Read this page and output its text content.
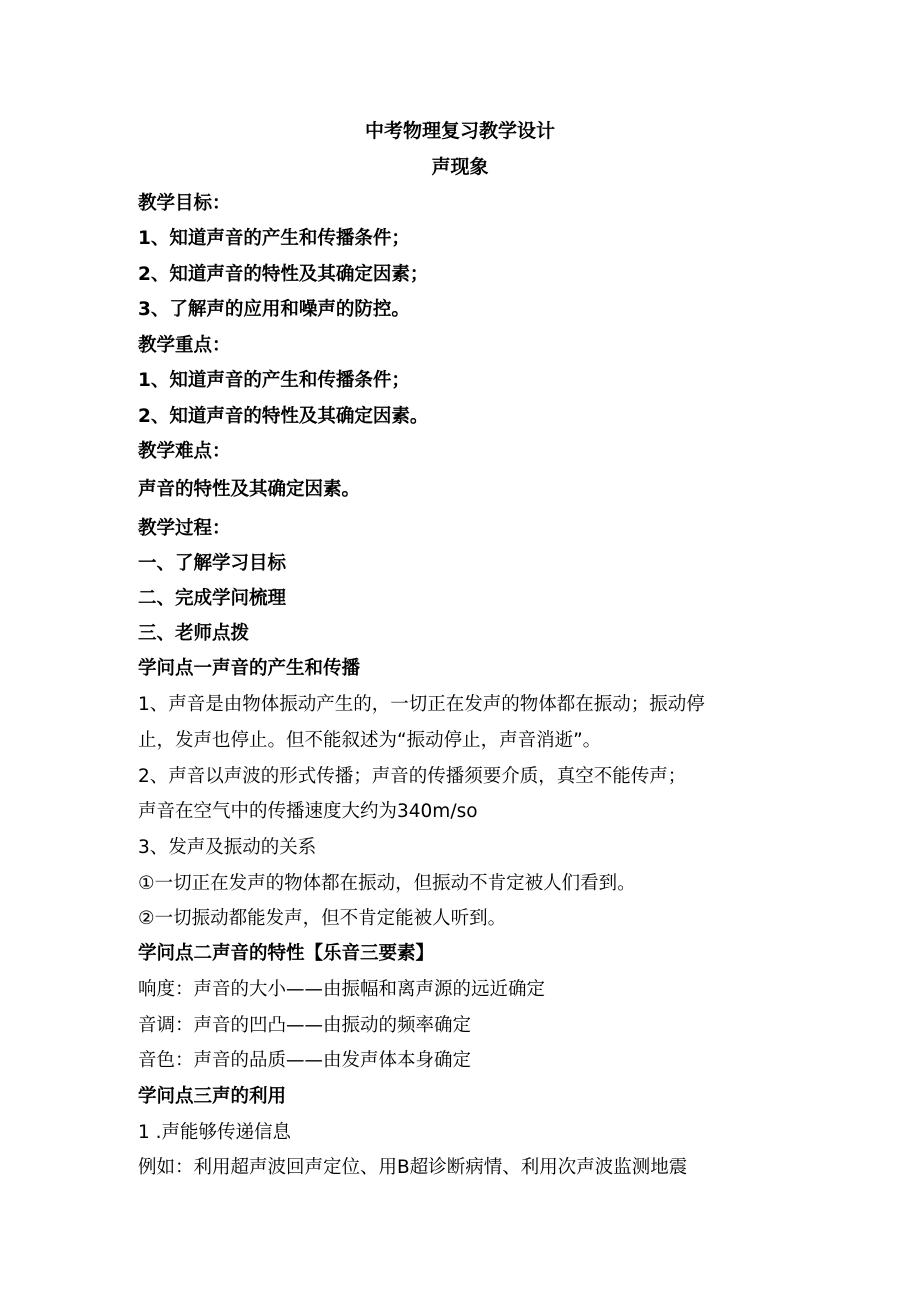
中考物理复习教学设计
声现象
教学目标：
1、知道声音的产生和传播条件；
2、知道声音的特性及其确定因素；
3、了解声的应用和噪声的防控。
教学重点：
1、知道声音的产生和传播条件；
2、知道声音的特性及其确定因素。
教学难点：
声音的特性及其确定因素。
教学过程：
一、了解学习目标
二、完成学问梳理
三、老师点拨
学问点一声音的产生和传播
1、声音是由物体振动产生的，一切正在发声的物体都在振动；振动停
止，发声也停止。但不能叙述为“振动停止，声音消逝”。
2、声音以声波的形式传播；声音的传播须要介质，真空不能传声；
声音在空气中的传播速度大约为340m∕so
3、发声及振动的关系
①一切正在发声的物体都在振动，但振动不肯定被人们看到。
②一切振动都能发声，但不肯定能被人听到。
学问点二声音的特性【乐音三要素】
响度：声音的大小——由振幅和离声源的远近确定
音调：声音的凹凸——由振动的频率确定
音色：声音的品质——由发声体本身确定
学问点三声的利用
1 .声能够传递信息
例如：利用超声波回声定位、用B超诊断病情、利用次声波监测地震
